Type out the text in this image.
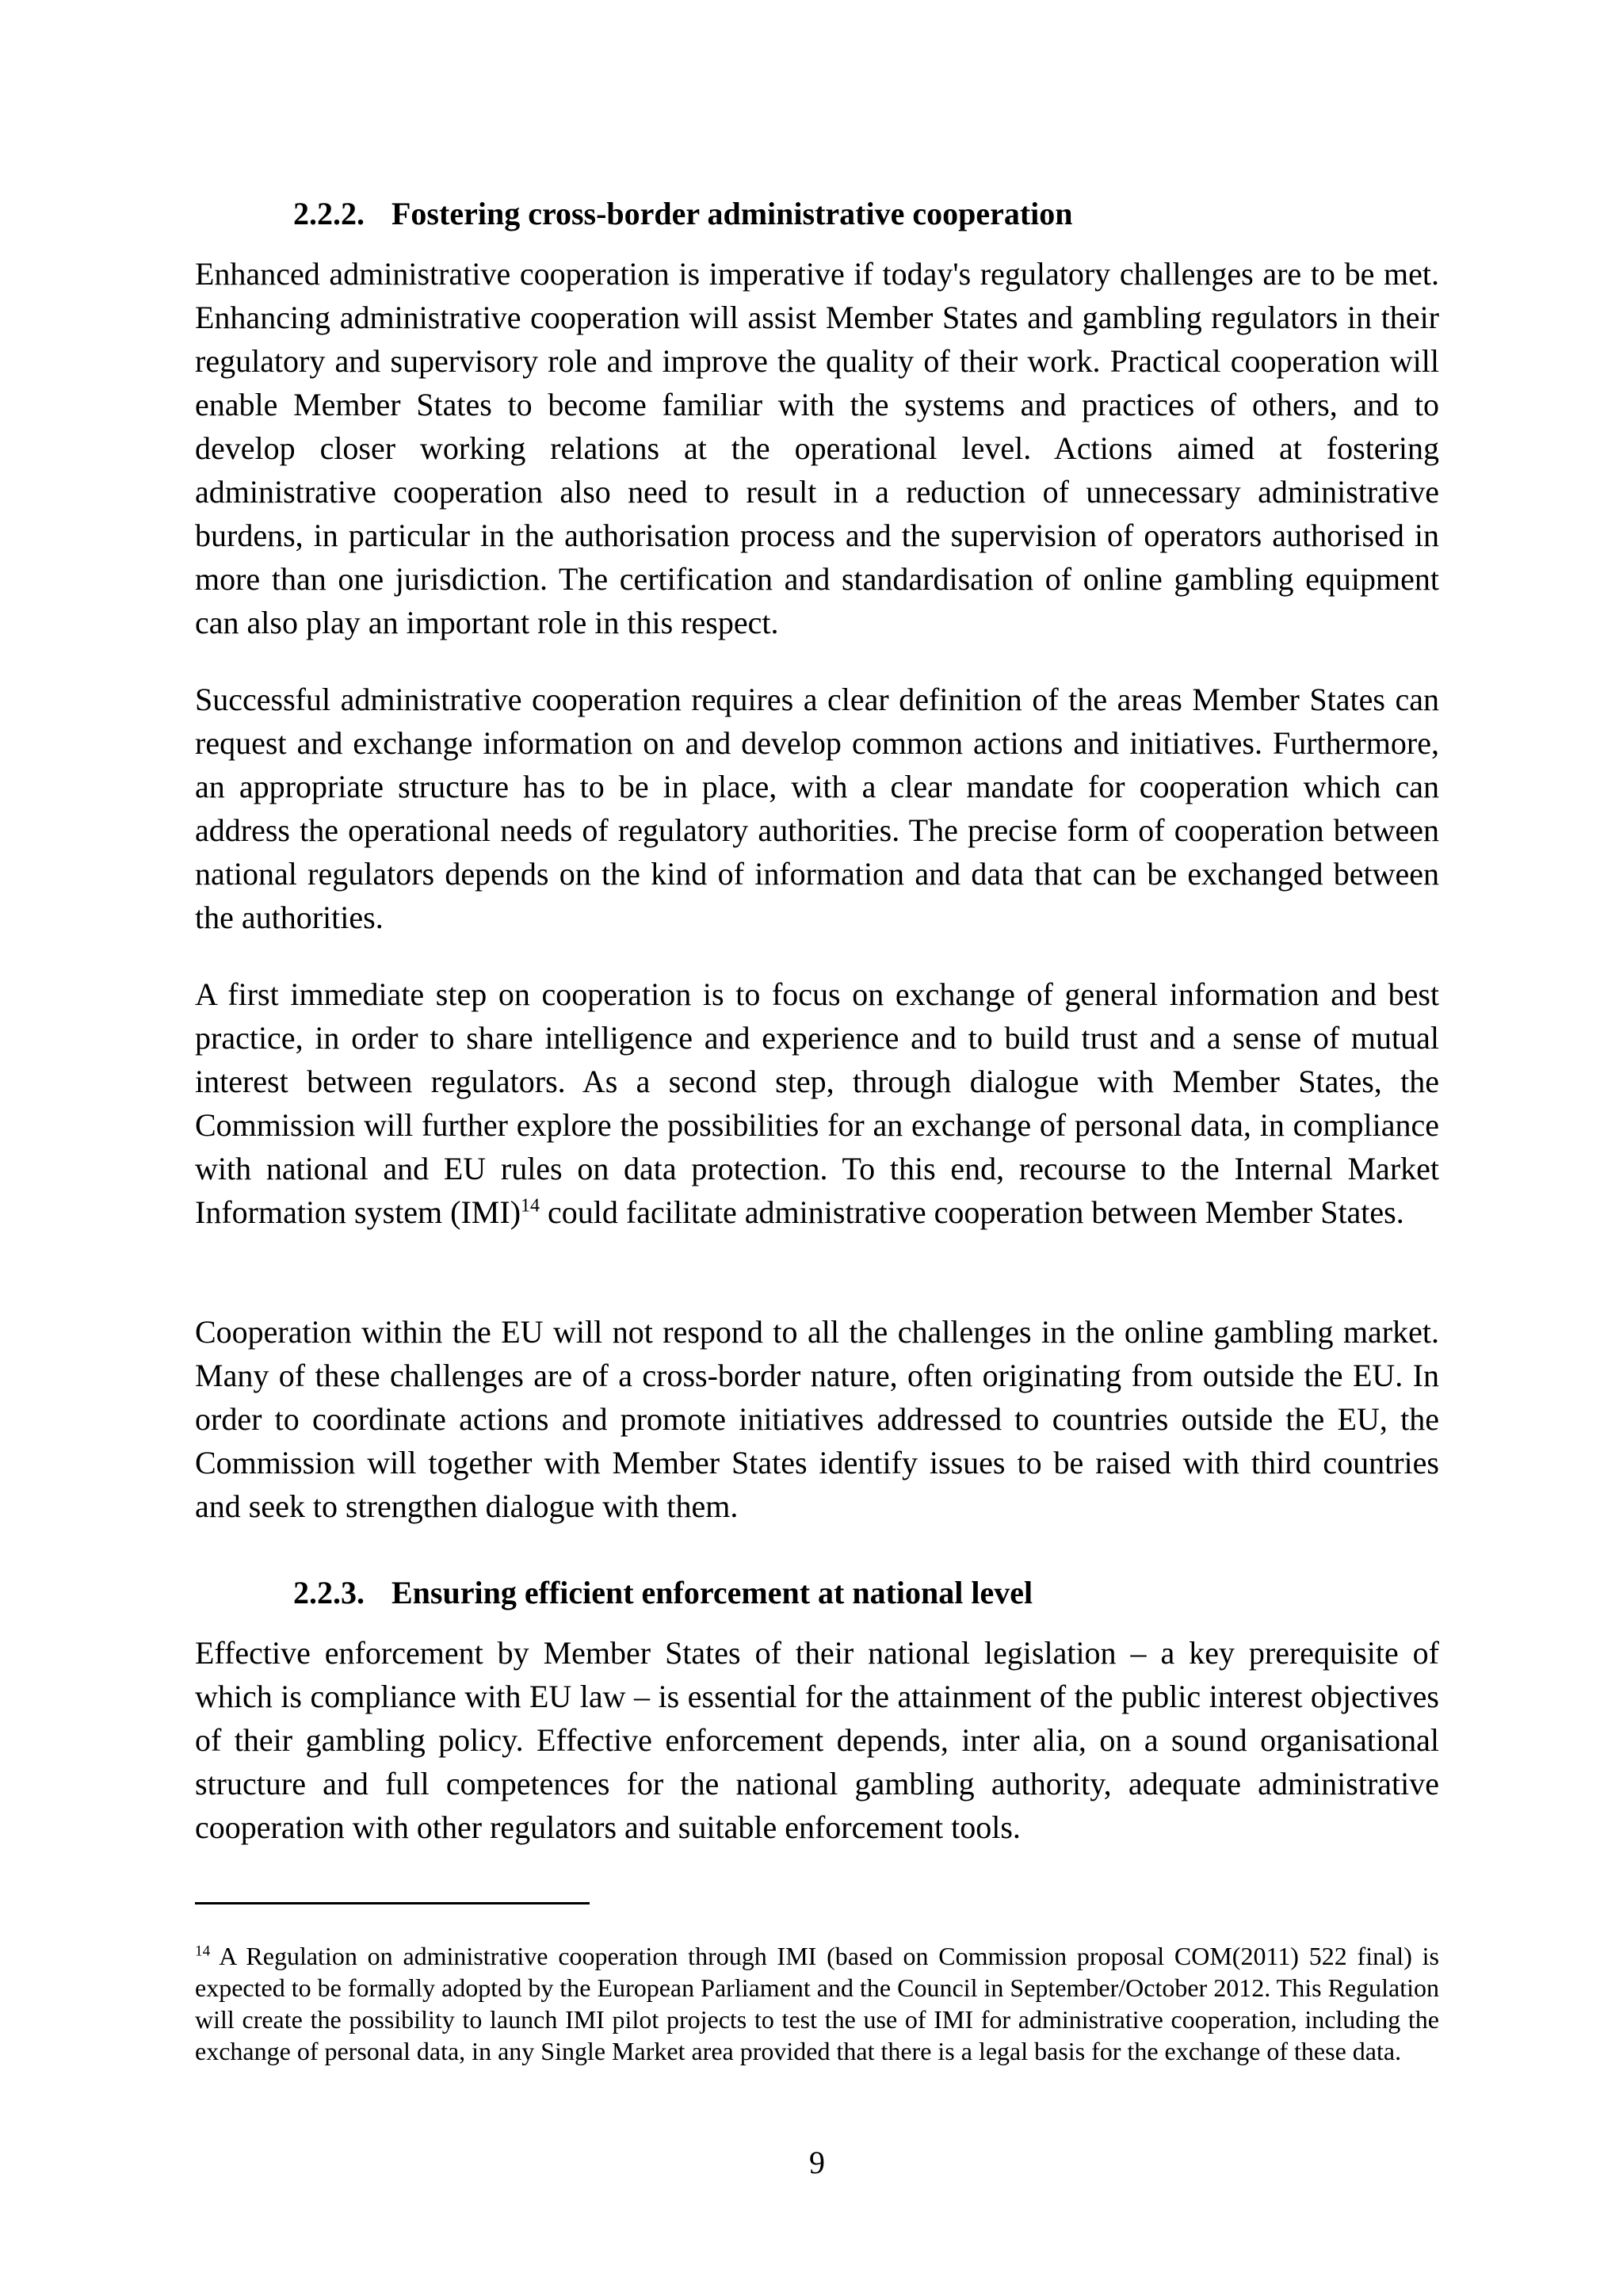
2.2.2. Fostering cross-border administrative cooperation

Enhanced administrative cooperation is imperative if today's regulatory challenges are to be met. Enhancing administrative cooperation will assist Member States and gambling regulators in their regulatory and supervisory role and improve the quality of their work. Practical cooperation will enable Member States to become familiar with the systems and practices of others, and to develop closer working relations at the operational level. Actions aimed at fostering administrative cooperation also need to result in a reduction of unnecessary administrative burdens, in particular in the authorisation process and the supervision of operators authorised in more than one jurisdiction. The certification and standardisation of online gambling equipment can also play an important role in this respect.

Successful administrative cooperation requires a clear definition of the areas Member States can request and exchange information on and develop common actions and initiatives. Furthermore, an appropriate structure has to be in place, with a clear mandate for cooperation which can address the operational needs of regulatory authorities. The precise form of cooperation between national regulators depends on the kind of information and data that can be exchanged between the authorities.

A first immediate step on cooperation is to focus on exchange of general information and best practice, in order to share intelligence and experience and to build trust and a sense of mutual interest between regulators. As a second step, through dialogue with Member States, the Commission will further explore the possibilities for an exchange of personal data, in compliance with national and EU rules on data protection. To this end, recourse to the Internal Market Information system (IMI)$^{14}$ could facilitate administrative cooperation between Member States.

Cooperation within the EU will not respond to all the challenges in the online gambling market. Many of these challenges are of a cross-border nature, often originating from outside the EU. In order to coordinate actions and promote initiatives addressed to countries outside the EU, the Commission will together with Member States identify issues to be raised with third countries and seek to strengthen dialogue with them.

2.2.3. Ensuring efficient enforcement at national level

Effective enforcement by Member States of their national legislation – a key prerequisite of which is compliance with EU law – is essential for the attainment of the public interest objectives of their gambling policy. Effective enforcement depends, inter alia, on a sound organisational structure and full competences for the national gambling authority, adequate administrative cooperation with other regulators and suitable enforcement tools.

$^{14}$ A Regulation on administrative cooperation through IMI (based on Commission proposal COM(2011) 522 final) is expected to be formally adopted by the European Parliament and the Council in September/October 2012. This Regulation will create the possibility to launch IMI pilot projects to test the use of IMI for administrative cooperation, including the exchange of personal data, in any Single Market area provided that there is a legal basis for the exchange of these data.

9
